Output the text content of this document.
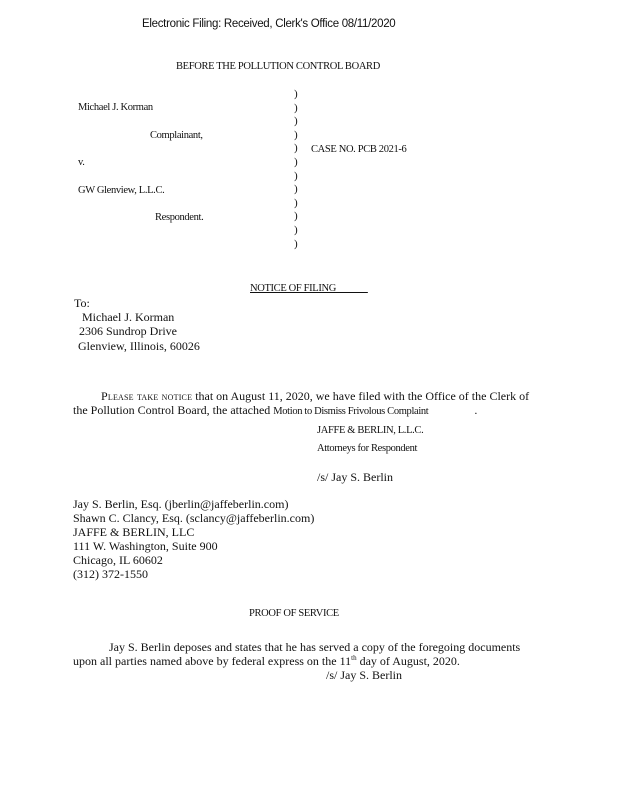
Electronic Filing: Received, Clerk's Office 08/11/2020
BEFORE THE POLLUTION CONTROL BOARD
Michael J. Korman
Complainant,
v.
GW Glenview, L.L.C.
Respondent.
CASE NO. PCB 2021-6
)
)
)
)
)
)
)
)
)
)
)
)
NOTICE OF FILING
To:
Michael J. Korman
2306 Sundrop Drive
Glenview, Illinois, 60026
Please take notice that on August 11, 2020, we have filed with the Office of the Clerk of
the Pollution Control Board, the attached Motion to Dismiss Frivolous Complaint	.
JAFFE & BERLIN, L.L.C.
Attorneys for Respondent
/s/ Jay S. Berlin
Jay S. Berlin, Esq. (jberlin@jaffeberlin.com)
Shawn C. Clancy, Esq. (sclancy@jaffeberlin.com)
JAFFE & BERLIN, LLC
111 W. Washington, Suite 900
Chicago, IL 60602
(312) 372-1550
PROOF OF SERVICE
Jay S. Berlin deposes and states that he has served a copy of the foregoing documents
upon all parties named above by federal express on the 11th day of August, 2020.
/s/ Jay S. Berlin
